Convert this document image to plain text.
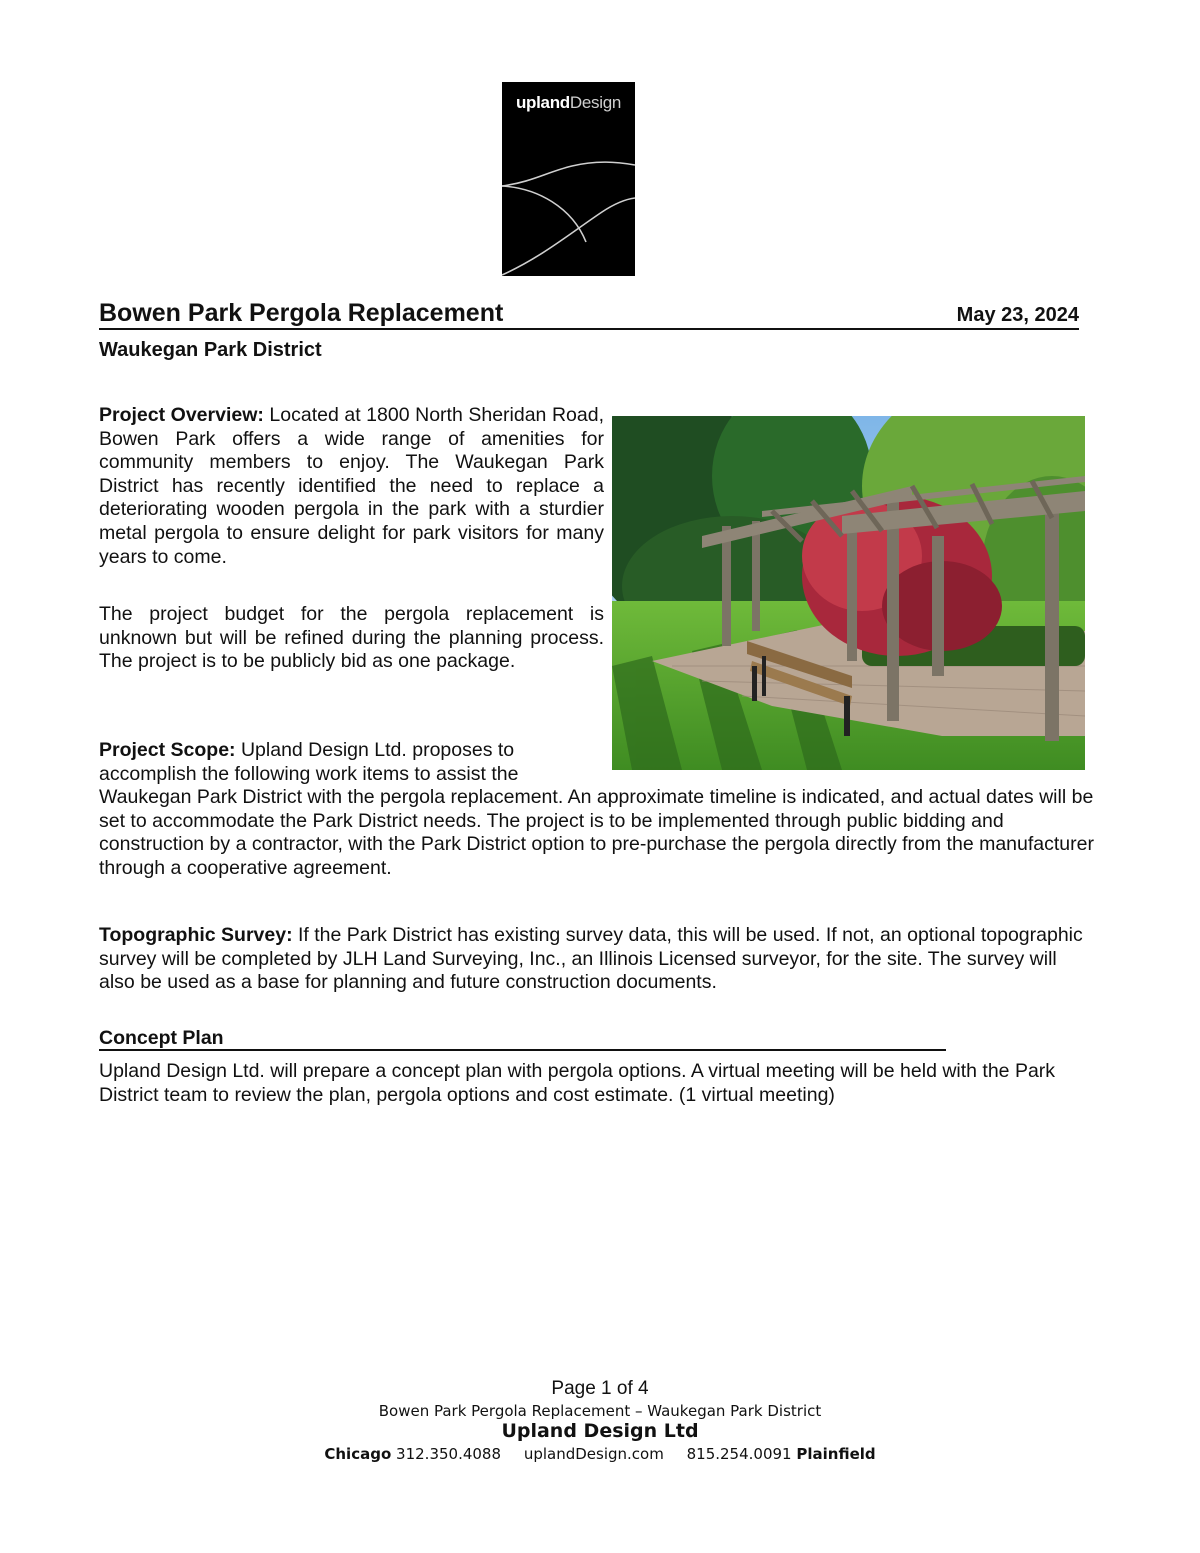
uplandDesign
Bowen Park Pergola Replacement	May 23, 2024
Waukegan Park District
Project Overview: Located at 1800 North Sheridan Road, Bowen Park offers a wide range of amenities for community members to enjoy. The Waukegan Park District has recently identified the need to replace a deteriorating wooden pergola in the park with a sturdier metal pergola to ensure delight for park visitors for many years to come.
The project budget for the pergola replacement is unknown but will be refined during the planning process. The project is to be publicly bid as one package.
Project Scope: Upland Design Ltd. proposes to
accomplish the following work items to assist the
Waukegan Park District with the pergola replacement. An approximate timeline is indicated, and actual dates will be set to accommodate the Park District needs. The project is to be implemented through public bidding and construction by a contractor, with the Park District option to pre-purchase the pergola directly from the manufacturer through a cooperative agreement.
Topographic Survey: If the Park District has existing survey data, this will be used. If not, an optional topographic survey will be completed by JLH Land Surveying, Inc., an Illinois Licensed surveyor, for the site. The survey will also be used as a base for planning and future construction documents.
Concept Plan
Upland Design Ltd. will prepare a concept plan with pergola options. A virtual meeting will be held with the Park District team to review the plan, pergola options and cost estimate. (1 virtual meeting)
Page 1 of 4
Bowen Park Pergola Replacement – Waukegan Park District
Upland Design Ltd
Chicago 312.350.4088 uplandDesign.com 815.254.0091 Plainfield
